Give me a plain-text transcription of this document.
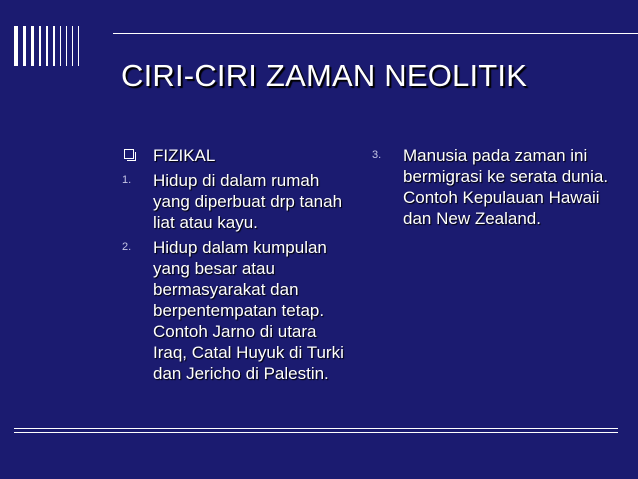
CIRI-CIRI ZAMAN NEOLITIK
FIZIKAL
1. Hidup di dalam rumah yang diperbuat drp tanah liat atau kayu.
2. Hidup dalam kumpulan yang besar atau bermasyarakat dan berpentempatan tetap. Contoh Jarno di utara Iraq, Catal Huyuk di Turki dan Jericho di Palestin.
3. Manusia pada zaman ini bermigrasi ke serata dunia. Contoh Kepulauan Hawaii dan New Zealand.
